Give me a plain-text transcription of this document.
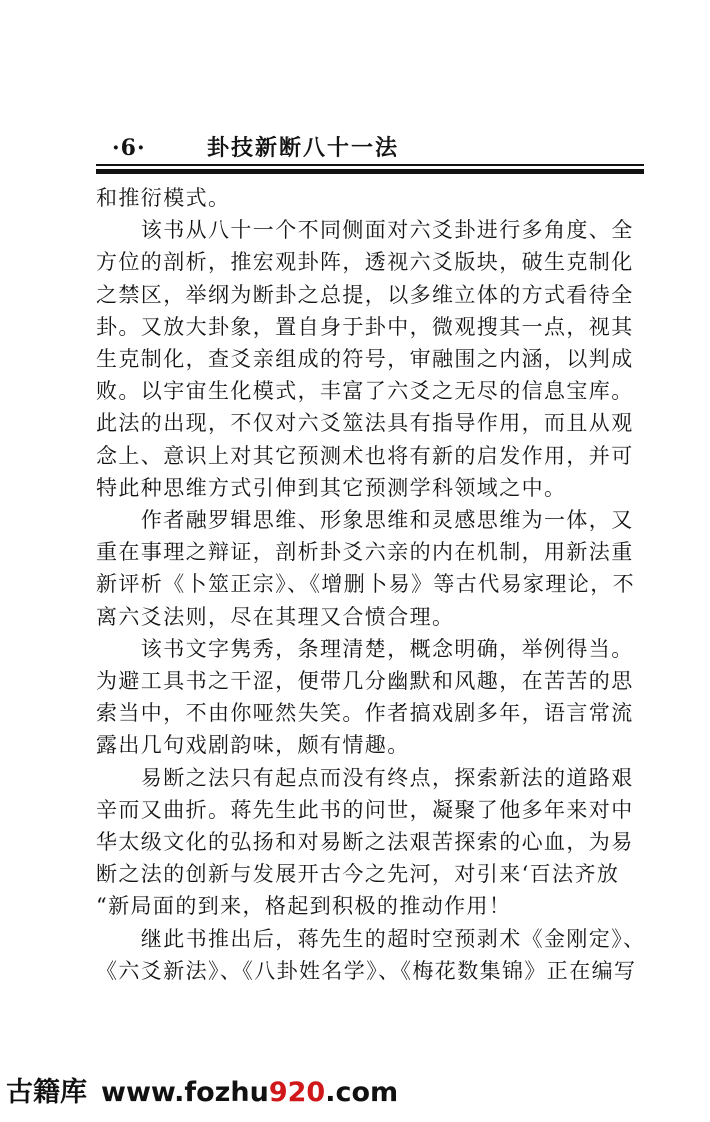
·6·	卦技新断八十一法

和推衍模式。

　　该书从八十一个不同侧面对六爻卦进行多角度、全

方位的剖析，推宏观卦阵，透视六爻版块，破生克制化

之禁区，举纲为断卦之总提，以多维立体的方式看待全

卦。又放大卦象，置自身于卦中，微观搜其一点，视其

生克制化，查爻亲组成的符号，审融围之内涵，以判成

败。以宇宙生化模式，丰富了六爻之无尽的信息宝库。

此法的出现，不仅对六爻筮法具有指导作用，而且从观

念上、意识上对其它预测术也将有新的启发作用，并可

特此种思维方式引伸到其它预测学科领域之中。

　　作者融罗辑思维、形象思维和灵感思维为一体，又

重在事理之辩证，剖析卦爻六亲的内在机制，用新法重

新评析《卜筮正宗》、《增删卜易》等古代易家理论，不

离六爻法则，尽在其理又合愤合理。

　　该书文字隽秀，条理清楚，概念明确，举例得当。

为避工具书之干涩，便带几分幽默和风趣，在苦苦的思

索当中，不由你哑然失笑。作者搞戏剧多年，语言常流

露出几句戏剧韵味，颇有情趣。

　　易断之法只有起点而没有终点，探索新法的道路艰

辛而又曲折。蒋先生此书的问世，凝聚了他多年来对中

华太级文化的弘扬和对易断之法艰苦探索的心血，为易

断之法的创新与发展开古今之先河，对引来‘百法齐放

“新局面的到来，格起到积极的推动作用！

　　继此书推出后，蒋先生的超时空预剥术《金刚定》、

《六爻新法》、《八卦姓名学》、《梅花数集锦》正在编写

古籍库 www.fozhu920.com
